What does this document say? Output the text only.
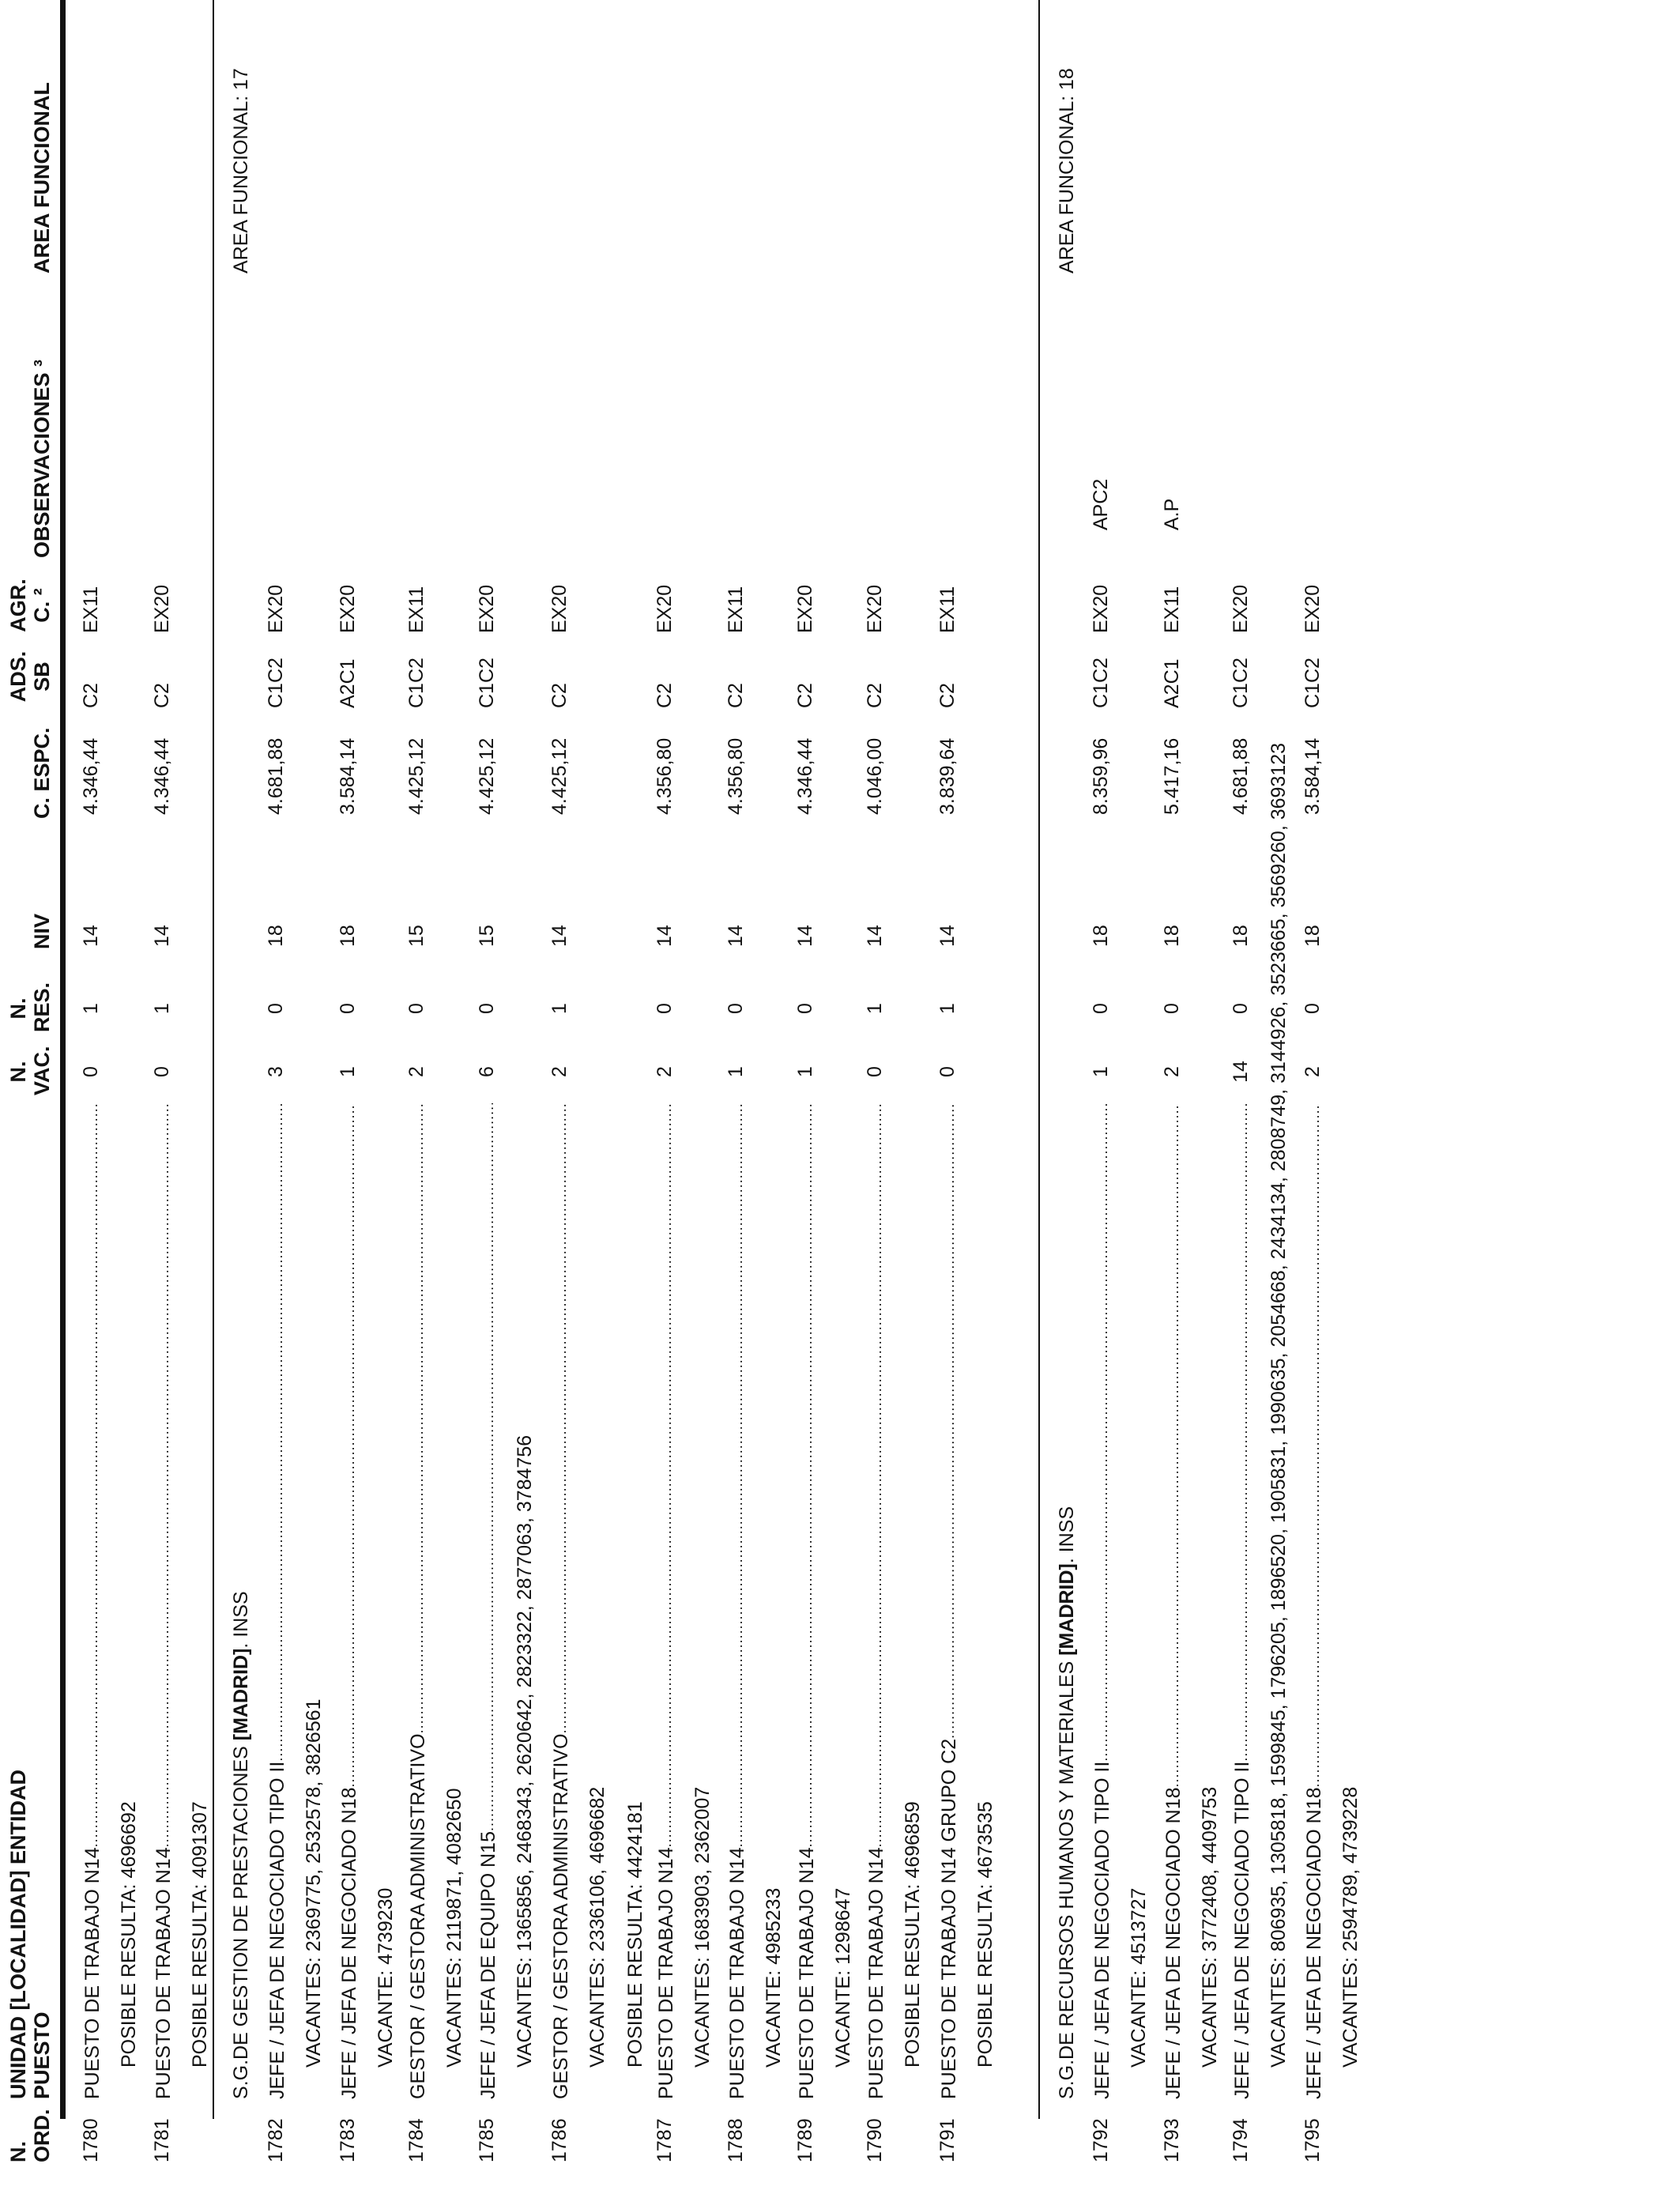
N. ORD.
UNIDAD [LOCALIDAD] ENTIDAD PUESTO
N. VAC.
N. RES.
NIV
C. ESPC.
ADS. SB
AGR. C. ²
OBSERVACIONES ³
AREA FUNCIONAL
1780
PUESTO DE TRABAJO N14.....
0
1
14
4.346,44
C2
EX11
POSIBLE RESULTA: 4696692
1781
PUESTO DE TRABAJO N14.....
0
1
14
4.346,44
C2
EX20
POSIBLE RESULTA: 4091307 S.G.DE GESTION DE PRESTACIONES [MADRID]. INSS
AREA FUNCIONAL: 17
1782
JEFE / JEFA DE NEGOCIADO TIPO II.....
3
0
18
4.681,88
C1C2
EX20
VACANTES: 2369775, 2532578, 3826561
1783
JEFE / JEFA DE NEGOCIADO N18.....
1
0
18
3.584,14
A2C1
EX20
VACANTE: 4739230
1784
GESTOR / GESTORA ADMINISTRATIVO.....
2
0
15
4.425,12
C1C2
EX11
VACANTES: 2119871, 4082650
1785
JEFE / JEFA DE EQUIPO N15.....
6
0
15
4.425,12
C1C2
EX20
VACANTES: 1365856, 2468343, 2620642, 2823322, 2877063, 3784756
1786
GESTOR / GESTORA ADMINISTRATIVO.....
2
1
14
4.425,12
C2
EX20
VACANTES: 2336106, 4696682 POSIBLE RESULTA: 4424181
1787
PUESTO DE TRABAJO N14.....
2
0
14
4.356,80
C2
EX20
VACANTES: 1683903, 2362007
1788
PUESTO DE TRABAJO N14.....
1
0
14
4.356,80
C2
EX11
VACANTE: 4985233
1789
PUESTO DE TRABAJO N14.....
1
0
14
4.346,44
C2
EX20
VACANTE: 1298647
1790
PUESTO DE TRABAJO N14.....
0
1
14
4.046,00
C2
EX20
POSIBLE RESULTA: 4696859
1791
PUESTO DE TRABAJO N14 GRUPO C2.....
0
1
14
3.839,64
C2
EX11
POSIBLE RESULTA: 4673535	S.G.DE RECURSOS HUMANOS Y MATERIALES [MADRID]. INSS
AREA FUNCIONAL: 18
1792
JEFE / JEFA DE NEGOCIADO TIPO II.....
1
0
18
8.359,96
C1C2
EX20
APC2
VACANTE: 4513727
1793
JEFE / JEFA DE NEGOCIADO N18.....
2
0
18
5.417,16
A2C1
EX11
A.P
VACANTES: 3772408, 4409753
1794
JEFE / JEFA DE NEGOCIADO TIPO II.....
14
0
18
4.681,88
C1C2
EX20
VACANTES: 806935, 1305818, 1599845, 1796205, 1896520, 1905831, 1990635, 2054668, 2434134, 2808749, 3144926, 3523665, 3569260, 3693123
1795
JEFE / JEFA DE NEGOCIADO N18.....
2
0
18
3.584,14
C1C2
EX20
VACANTES: 2594789, 4739228
